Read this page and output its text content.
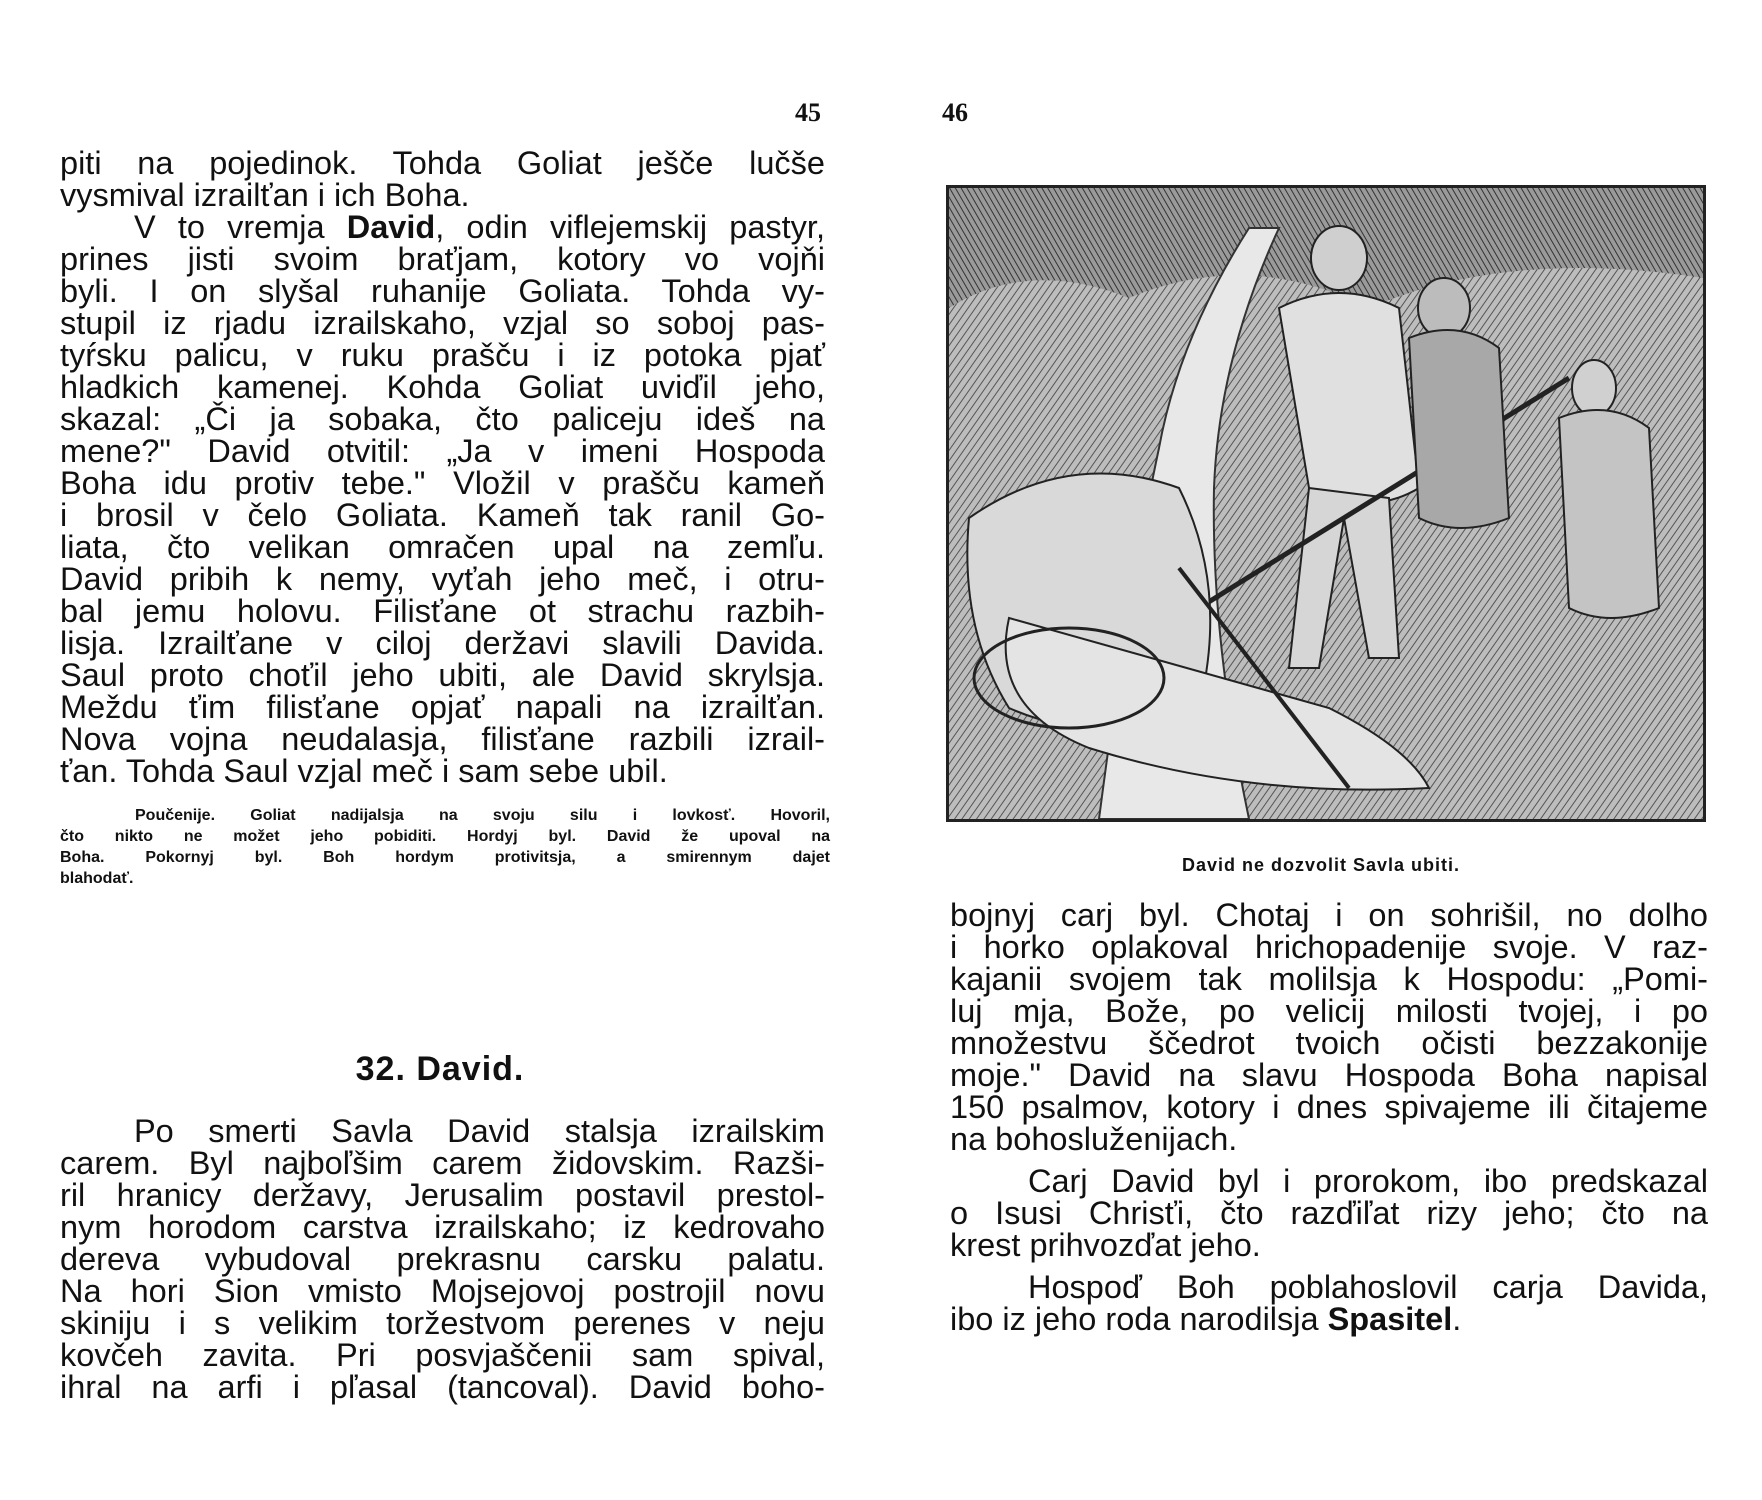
45
piti na pojedinok. Tohda Goliat ješče lučše
vysmival izrailťan i ich Boha.
V to vremja David, odin viflejemskij pastyr,
prines jisti svoim braťjam, kotory vo vojňi
byli. I on slyšal ruhanije Goliata. Tohda vy-
stupil iz rjadu izrailskaho, vzjal so soboj pas-
tyŕsku palicu, v ruku prašču i iz potoka pjať
hladkich kamenej. Kohda Goliat uviďil jeho,
skazal: „Či ja sobaka, čto paliceju ideš na
mene?" David otvitil: „Ja v imeni Hospoda
Boha idu protiv tebe." Vložil v prašču kameň
i brosil v čelo Goliata. Kameň tak ranil Go-
liata, čto velikan omračen upal na zemľu.
David pribih k nemy, vyťah jeho meč, i otru-
bal jemu holovu. Filisťane ot strachu razbih-
lisja. Izrailťane v ciloj deržavi slavili Davida.
Saul proto choťil jeho ubiti, ale David skrylsja.
Meždu ťim filisťane opjať napali na izrailťan.
Nova vojna neudalasja, filisťane razbili izrail-
ťan. Tohda Saul vzjal meč i sam sebe ubil.
Poučenije. Goliat nadijalsja na svoju silu i lovkosť. Hovoril,
čto nikto ne možet jeho pobiditi. Hordyj byl. David že upoval na
Boha. Pokornyj byl. Boh hordym protivitsja, a smirennym dajet
blahodať.
32. David.
Po smerti Savla David stalsja izrailskim
carem. Byl najboľšim carem židovskim. Razši-
ril hranicy deržavy, Jerusalim postavil prestol-
nym horodom carstva izrailskaho; iz kedrovaho
dereva vybudoval prekrasnu carsku palatu.
Na hori Sion vmisto Mojsejovoj postrojil novu
skiniju i s velikim toržestvom perenes v neju
kovčeh zavita. Pri posvjaščenii sam spival,
ihral na arfi i pľasal (tancoval). David boho-
46
David ne dozvolit Savla ubiti.
bojnyj carj byl. Chotaj i on sohrišil, no dolho
i horko oplakoval hrichopadenije svoje. V raz-
kajanii svojem tak molilsja k Hospodu: „Pomi-
luj mja, Bože, po velicij milosti tvojej, i po
množestvu ščedrot tvoich očisti bezzakonije
moje." David na slavu Hospoda Boha napisal
150 psalmov, kotory i dnes spivajeme ili čitajeme
na bohosluženijach.
Carj David byl i prorokom, ibo predskazal
o Isusi Chrisťi, čto razďiľat rizy jeho; čto na
krest prihvozďat jeho.
Hospoď Boh poblahoslovil carja Davida,
ibo iz jeho roda narodilsja Spasitel.
